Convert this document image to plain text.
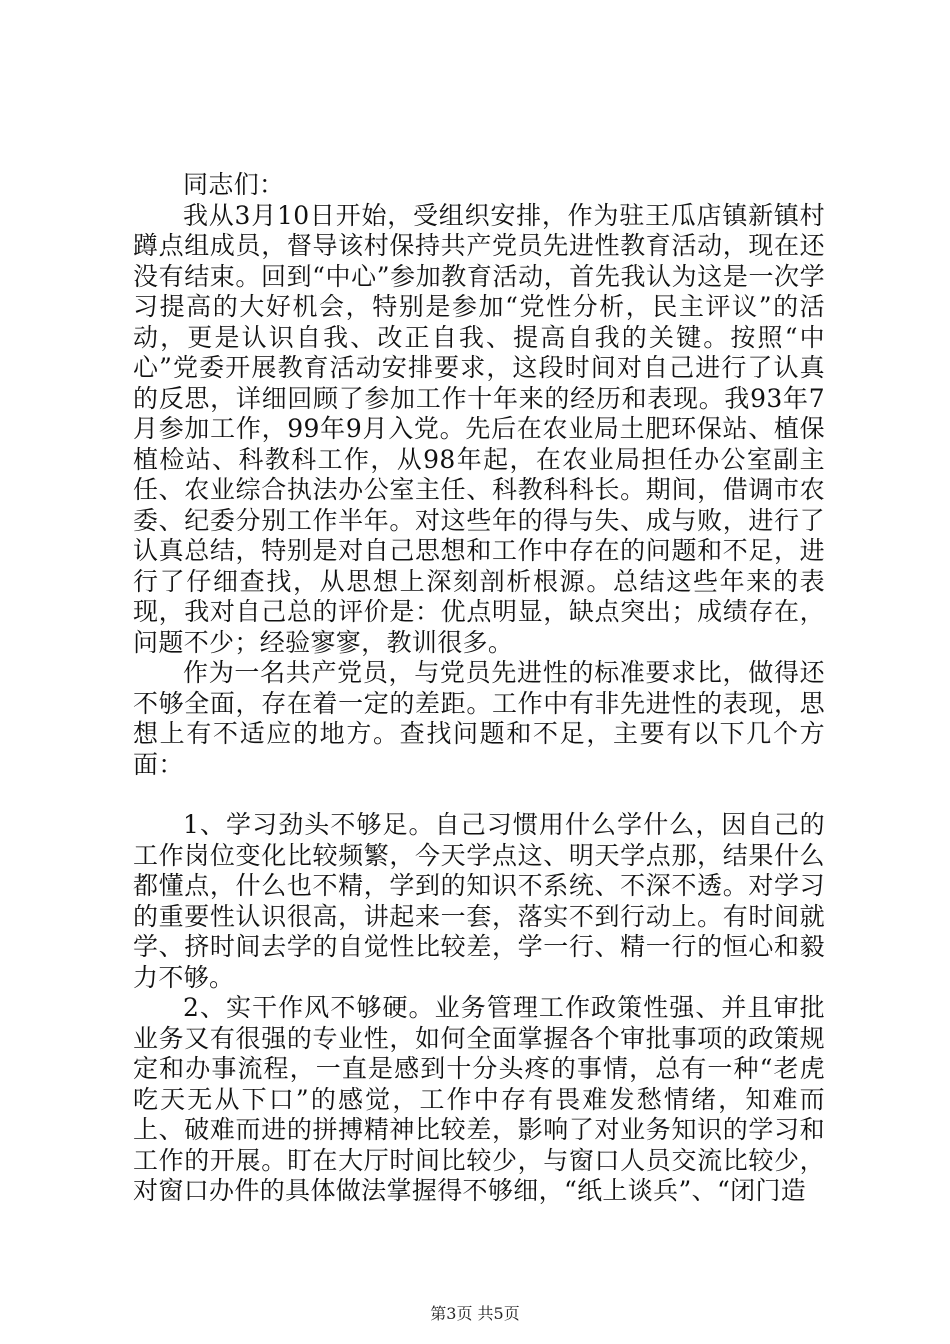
同志们：

我从3月10日开始，受组织安排，作为驻王瓜店镇新镇村蹲点组成员，督导该村保持共产党员先进性教育活动，现在还没有结束。回到“中心”参加教育活动，首先我认为这是一次学习提高的大好机会，特别是参加“党性分析，民主评议”的活动，更是认识自我、改正自我、提高自我的关键。按照“中心”党委开展教育活动安排要求，这段时间对自己进行了认真的反思，详细回顾了参加工作十年来的经历和表现。我93年7月参加工作，99年9月入党。先后在农业局土肥环保站、植保植检站、科教科工作，从98年起，在农业局担任办公室副主任、农业综合执法办公室主任、科教科科长。期间，借调市农委、纪委分别工作半年。对这些年的得与失、成与败，进行了认真总结，特别是对自己思想和工作中存在的问题和不足，进行了仔细查找，从思想上深刻剖析根源。总结这些年来的表现，我对自己总的评价是：优点明显，缺点突出；成绩存在，问题不少；经验寥寥，教训很多。

作为一名共产党员，与党员先进性的标准要求比，做得还不够全面，存在着一定的差距。工作中有非先进性的表现，思想上有不适应的地方。查找问题和不足，主要有以下几个方面：

1、学习劲头不够足。自己习惯用什么学什么，因自己的工作岗位变化比较频繁，今天学点这、明天学点那，结果什么都懂点，什么也不精，学到的知识不系统、不深不透。对学习的重要性认识很高，讲起来一套，落实不到行动上。有时间就学、挤时间去学的自觉性比较差，学一行、精一行的恒心和毅力不够。

2、实干作风不够硬。业务管理工作政策性强、并且审批业务又有很强的专业性，如何全面掌握各个审批事项的政策规定和办事流程，一直是感到十分头疼的事情，总有一种“老虎吃天无从下口”的感觉，工作中存有畏难发愁情绪，知难而上、破难而进的拼搏精神比较差，影响了对业务知识的学习和工作的开展。盯在大厅时间比较少，与窗口人员交流比较少，对窗口办件的具体做法掌握得不够细，“纸上谈兵”、“闭门造

第3页 共5页
